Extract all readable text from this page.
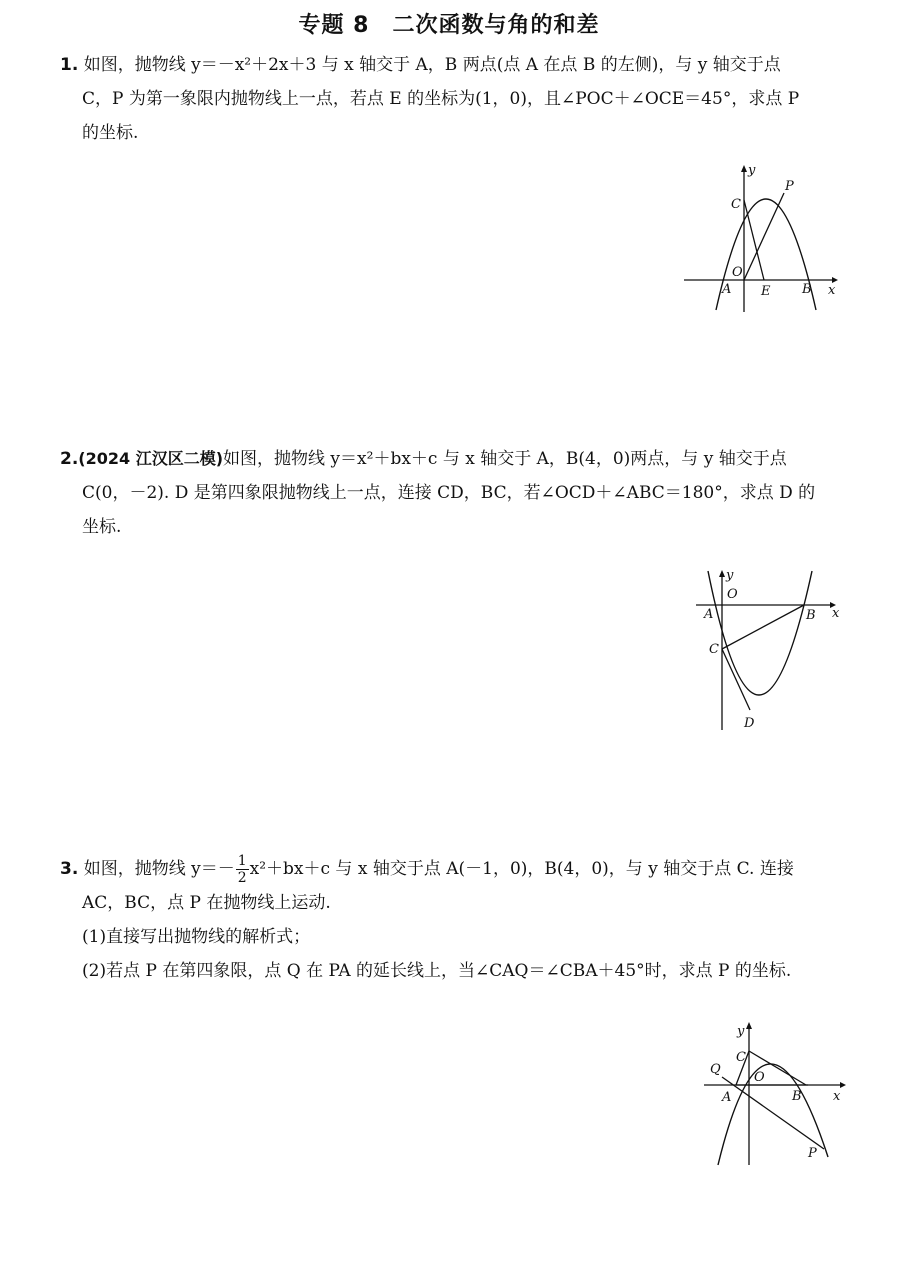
专题 8　二次函数与角的和差
1. 如图，抛物线 y＝－x²＋2x＋3 与 x 轴交于 A，B 两点(点 A 在点 B 的左侧)，与 y 轴交于点
C，P 为第一象限内抛物线上一点，若点 E 的坐标为(1，0)，且∠POC＋∠OCE＝45°，求点 P
的坐标.
y
x
C
P
O
A E B
2.(2024 江汉区二模)如图，抛物线 y＝x²＋bx＋c 与 x 轴交于 A，B(4，0)两点，与 y 轴交于点
C(0，－2). D 是第四象限抛物线上一点，连接 CD，BC，若∠OCD＋∠ABC＝180°，求点 D 的
坐标.
y
x
O
A	B
C
D
3. 如图，抛物线 $y=- \frac{1}{2} x^2+bx+c$ 与 x 轴交于点 A(－1，0)，B(4，0)，与 y 轴交于点 C. 连接
AC，BC，点 P 在抛物线上运动.
(1)直接写出抛物线的解析式；
(2)若点 P 在第四象限，点 Q 在 PA 的延长线上，当∠CAQ＝∠CBA＋45°时，求点 P 的坐标.
y
x
C
Q
O
A	B
P
